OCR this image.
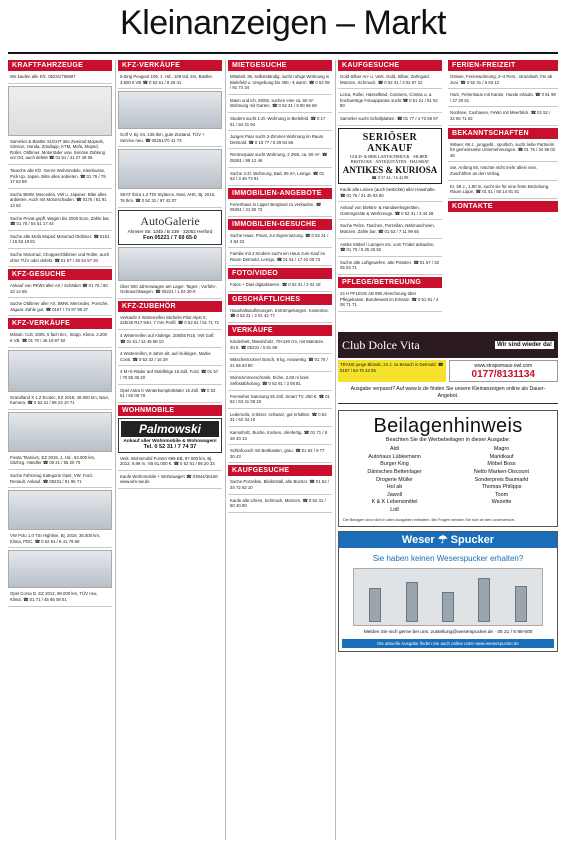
Kleinanzeigen – Markt
KRAFTFAHRZEUGE
Wir kaufen alle Kfz. 05231/766697
Sammler & Bastler SUCHT alte Zweirad Mopeds, Simson, Honda, Zündapp, KTM, Mofa, Moped, Roller, Oldtimer, Motorräder usw. Seriöse Zahlung vor Ort, auch defekt ☎ 01 51 / 41 27 48 06
Tausche alle Kfz. Gerne Wohnmobile, Kleinbusse, Pick Up, Japan. Bitte alles anbieten. ☎ 01 76 / 79 17 53 69
Suche BMW, Mercedes, VW u. Japaner. Bitte alles anbieten. Auch mit Motorschaden. ☎ 0176 / 81 91 13 52
Suche Privat gepfl. Wagen bis 2000 Euro, Zahle bar. ☎ 01 75 / 54 51 17 44
Suche alte Mofa Moped Motorrad Oldtimer. ☎ 0151 / 15 53 19 81
Suche Motorrad, Chopper/Oldtimer und Roller, auch ohne TÜV oder defekt. ☎ 01 57 / 30 54 57 20
KFZ-GESUCHE
Ankauf von PKWs aller Art / Schäden ☎ 01 76 / 80 33 14 68
Suche Oldtimer aller Art, BMW, Mercedes, Porsche, Jaguar. Zahle gut. ☎ 0157 / 74 97 98 37
KFZ-VERKÄUFE
Mitsub. Colt, 2005, 6 fach ber., Stopp, Klima. 2.200 € VB. ☎ 01 70 / 45 19 87 92
Grandland X 1.2 Ecotec, EZ 2018, 48.000 km, Navi, Kamera. ☎ 0 52 31 / 96 23 10 71
Fiesta Titanium, EZ 2015, 1. Hd., 63.000 km, Sitzhzg. Händler ☎ 05 21 / 55 20 70
Suche Fahrzeug Kategorie Opel, VW, Ford, Renault. Ankauf. ☎ 05231 / 91 95 71
VW Polo 1.0 TSI Highline, Bj. 2019, 35.000 km, Klima, PDC. ☎ 0 52 61 / 9 41 79 69
Opel Corsa D, EZ 2012, 98.000 km, TÜV neu, Klima. ☎ 01 71 / 45 85 08 01
KFZ-VERKÄUFE
5-türig Peugeot 106, 1. Hd., 109 tsd. km, Bastler. 3.500 € VB ☎ 0 52 61 / 8 26 41
Golf V, Bj. 04, 136 tkm, gute Zustand, TÜV + Service neu. ☎ 05261/70 41 73
SEAT Ibiza 1.2 TDI Stylance, Navi, AHK, Bj. 2016, 76 tkm. ☎ 0 52 31 / 97 42 07
AutoGalerie
Ahmser Str. 134b / B 239 · 32052 Herford
Fon 05221 / 7 69 65-0
Über 500 Jahreswagen am Lager. Tages-, Vorführ-, Gebrauchtwagen. ☎ 05221 / 1 53 30-0
KFZ-ZUBEHÖR
Verkaufe 4 Winterreifen Michelin Pilot Alpin 5, 225/45 R17 94H, 7 mm Profil. ☎ 0 52 61 / 61 71 71
4 Winterreifen auf Alufelge, 205/55 R16, VW Golf. ☎ 01 51 / 12 45 98 10
4 Winterreifen, 6 Jahre alt, auf Alufelgen, Marke Conti. ☎ 0 52 32 / 16 29
4 M+S-Räder auf Stahlfelge 16 Zoll, Ford. ☎ 01 57 / 70 55 36 20
Opel Astra K Winterkompletträder 16 Zoll. ☎ 0 52 61 / 60 05 79
WOHNMOBILE
Palmowski
Ankauf aller Wohnmobile & Wohnwagen!
Tel. 0 52 31 / 7 74 37
Verk. Wohnmobil Forster 699 EB, 97.000 km, Bj. 2013, 6,99 m. VB 61.000 €. ☎ 0 52 61 / 86 20 33
Kaufe Wohnmobile + Wohnwagen ☎ 03944/36160 www.wm-aw.de
MIETGESUCHE
Mittelalt. 36, selbstständig, sucht ruhige Wohnung in Bielefeld u. Umgebung bis 450,- € warm. ☎ 0 52 08 / 91 74 34
Mann und ich, 60/55, suchen eine ca. 60 m² Wohnung mit Garten. ☎ 0 52 31 / 9 80 66 68
Student sucht 1-Zi.-Wohnung in Bielefeld. ☎ 0 17 61 / 84 21 94
Junges Paar sucht 3-Zimmer-Wohnung im Raum Detmold. ☎ 0 15 77 / 6 29 84 56
Rentnerpaar sucht Wohnung, 2 ZKB, ca. 60 m². ☎ 05261 / 89 12 46
Suche 3-Zi. Wohnung, Bad, 85 m², Lemgo. ☎ 01 62 / 3 46 73 91
IMMOBILIEN-ANGEBOTE
Ferienhaus in Lipper Bergland zu verkaufen. ☎ 05261 / 21 50 73
IMMOBILIEN-GESUCHE
Suche Haus, Privat, zur Eigennutzung. ☎ 0 52 31 / 4 84 22
Familie mit 2 Kindern sucht ein Haus zum Kauf im Raum Detmold, Lemgo. ☎ 01 51 / 17 42 00 73
FOTO/VIDEO
Fotos + Dias digitalisieren. ☎ 0 52 31 / 3 02 18
GESCHÄFTLICHES
Haushaltsauflösungen, Entrümpelungen. Kostenlos. ☎ 0 52 31 / 2 01 42 77
VERKÄUFE
Kinderbett, Massivholz, 70×140 cm, mit Matratze. 40 €. ☎ 05231 / 5 81 89
Wäschetrockner Bosch, 8 kg, neuwertig. ☎ 01 76 / 21 55 63 80
Wohnzimmerschrank, Eiche, 2,60 m breit. Selbstabholung. ☎ 0 52 61 / 3 08 81
Fernseher Samsung 55 Zoll, Smart TV. 250 €. ☎ 01 52 / 53 41 08 19
Ledersofa, 3-Sitzer, schwarz, gut erhalten. ☎ 0 52 31 / 62 34 10
Kaminholz, Buche, trocken, ofenfertig. ☎ 01 71 / 8 28 40 13
Schlafcouch mit Bettkasten, grau. ☎ 01 62 / 9 77 30 43
KAUFGESUCHE
Suche Porzellan, Bleikristall, alte Bücher. ☎ 01 52 / 34 72 82 10
Kaufe alte Uhren, Schmuck, Münzen. ☎ 0 52 31 / 50 40 80
KAUFGESUCHE
Gold-Silber An- u. Verk. Gold, Silber, Zahngold, Münzen, Schmuck. ☎ 0 52 31 / 3 02 57 22
Leica, Rollei, Hasselblad, Contarex, Contax u. a. hochwertige Fotoapparate sucht ☎ 0 51 21 / 51 52 80
Sammler sucht Schallplatten. ☎ 01 77 / 4 73 68 57
SERIÖSER ANKAUF
GOLD- & BRILLANTSCHMUCK · SILBER · BESTECKE · ANTIQUITÄTEN · HAUSRAT
ANTIKES & KURIOSA
☎ 0 57 44 / 16 42 88
Kaufe alle Leinen (auch bestickte) aller Haushalte. ☎ 01 75 / 21 45 83 80
Ankauf von Elektro- & Handwerksgeräten, Gartengeräte & Werkzeuge. ☎ 0 52 31 / 3 44 28
Suche Pelze, Taschen, Porzellan, Nähmaschinen, Münzen. Zahle bar. ☎ 01 63 / 7 11 99 65
Antike Möbel / Lampen etc. vom Trödel ankaufen. ☎ 01 70 / 5 25 26 92
Suche alte Luftgewehre, alte Pistolen. ☎ 01 57 / 32 05 03 71
PFLEGE/BETREUUNG
24 H PFLEGE AB 890 Abrechnung über Pflegekasse. Bundesweit im Einsatz. ☎ 0 51 91 / 4 08 71 71
FERIEN-FREIZEIT
Ostsee, Ferienwohnung, 2–4 Pers., strandnah, frei ab Juni. ☎ 0 52 31 / 5 63 12
Harz, Ferienhaus mit Kamin, Hunde erlaubt. ☎ 0 51 90 / 27 20 61
Nordsee, Cuxhaven, FeWo mit Meerblick. ☎ 01 52 / 34 66 71 02
BEKANNTSCHAFTEN
Witwer, 68 J., junggebl., sportlich, sucht liebe Partnerin für gemeinsame Unternehmungen. ☎ 01 76 / 34 56 02 46
Sie, Anfang 60, möchte nicht mehr allein sein. Zuschriften an den Verlag.
Er, 58 J., 1,80 m, sucht sie für eine feste Beziehung. Raum Lippe. ☎ 01 51 / 50 14 91 81
KONTAKTE
Club Dolce Vita	Wir sind wieder da!
TRANS junge Blonde, 24 J. zu Besuch in Detmold. ☎ 0157 / 64 70 42 05
www.strapsmaus-owl.com
0177/8131134
Ausgabe verpasst? Auf www.lz.de finden Sie unsere Kleinanzeigen online als Dauer-Angebot.
Beilagenhinweis
Beachten Sie die Werbebeilagen in dieser Ausgabe:
Aldi	Magro
Autohaus Lübkemann	Marktkauf
Burger King	Möbel Boss
Dänisches Bettenlager	Netto Marken-Discount
Drogerie Müller	Sonderpreis Baumarkt
Hol ab	Thomas Philipps
Jawoll	Toom
K & K Lebensmittel	Wezette
Lidl
Die Beilagen sind nicht in allen Ausgaben enthalten. Bei Fragen wenden Sie sich an den Leserservice.
Weser ☂ Spucker
Sie haben keinen Weserspucker erhalten?
Melden Sie sich gerne bei uns: zustellung@weserspucker.de · 05 21 / 5 86-600
Die aktuelle Ausgabe finden Sie auch online unter www.weserspucker.de
